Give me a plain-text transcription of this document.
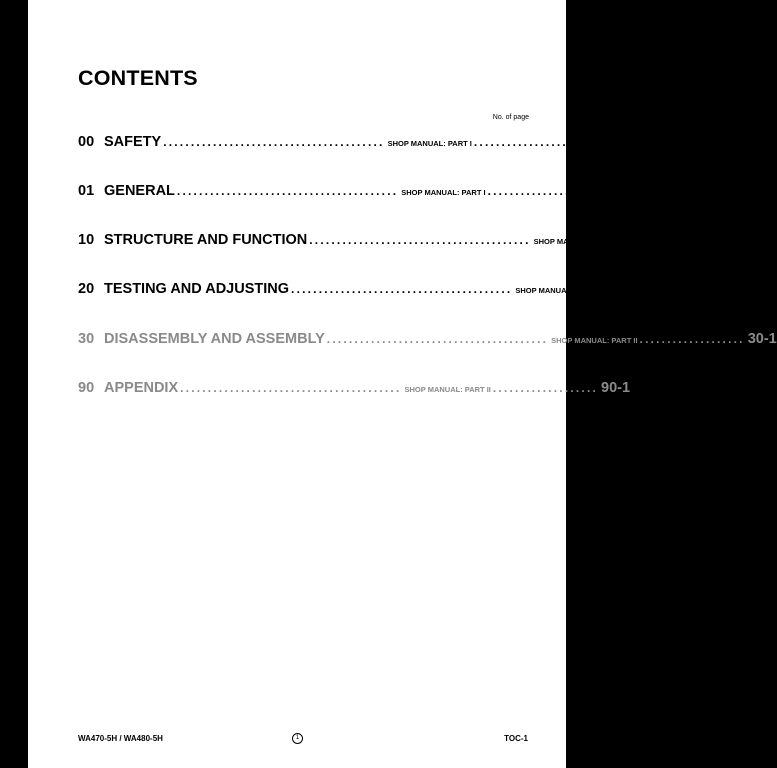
CONTENTS
No. of page
00 SAFETY ........................................ SHOP MANUAL: PART I ................... 00-3
01 GENERAL ........................................ SHOP MANUAL: PART I ................... 01-1
10 STRUCTURE AND FUNCTION ........................................ SHOP MANUAL: PART I ................... 10-1
20 TESTING AND ADJUSTING ........................................ SHOP MANUAL: PART I ................... 20-1
30 DISASSEMBLY AND ASSEMBLY ........................................ SHOP MANUAL: PART II ................... 30-1
90 APPENDIX ........................................ SHOP MANUAL: PART II ................... 90-1
WA470-5H / WA480-5H	1	TOC-1
